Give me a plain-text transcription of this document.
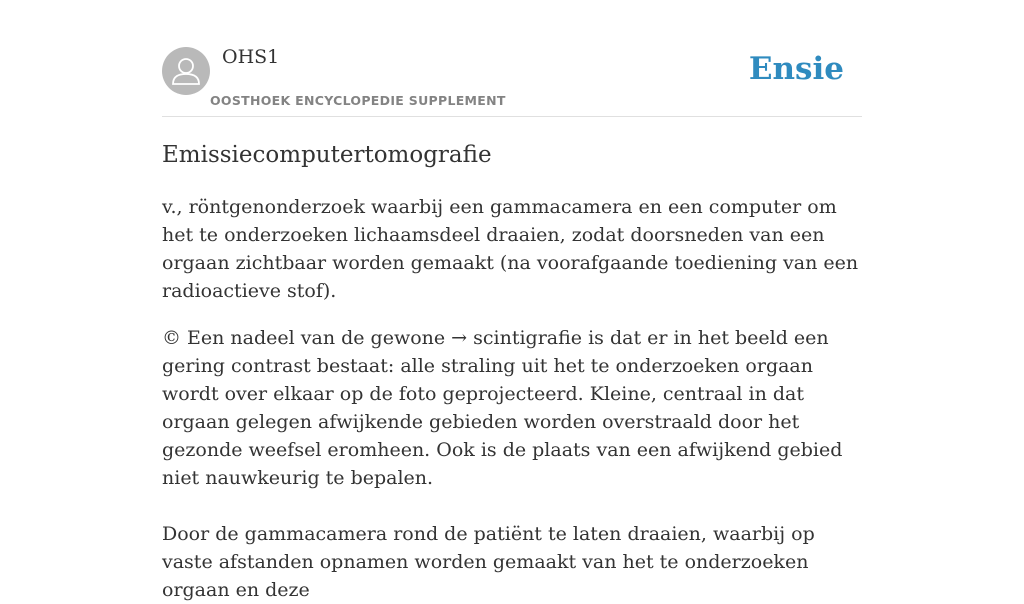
OHS1
OOSTHOEK ENCYCLOPEDIE SUPPLEMENT
Ensie
Emissiecomputertomografie

v., röntgenonderzoek waarbij een gammacamera en een computer om het te onderzoeken lichaamsdeel draaien, zodat doorsneden van een orgaan zichtbaar worden gemaakt (na voorafgaande toediening van een radioactieve stof).

© Een nadeel van de gewone → scintigrafie is dat er in het beeld een gering contrast bestaat: alle straling uit het te onderzoeken orgaan wordt over elkaar op de foto geprojecteerd. Kleine, centraal in dat orgaan gelegen afwijkende gebieden worden overstraald door het gezonde weefsel eromheen. Ook is de plaats van een afwijkend gebied niet nauwkeurig te bepalen.

Door de gammacamera rond de patiënt te laten draaien, waarbij op vaste afstanden opnamen worden gemaakt van het te onderzoeken orgaan en deze
